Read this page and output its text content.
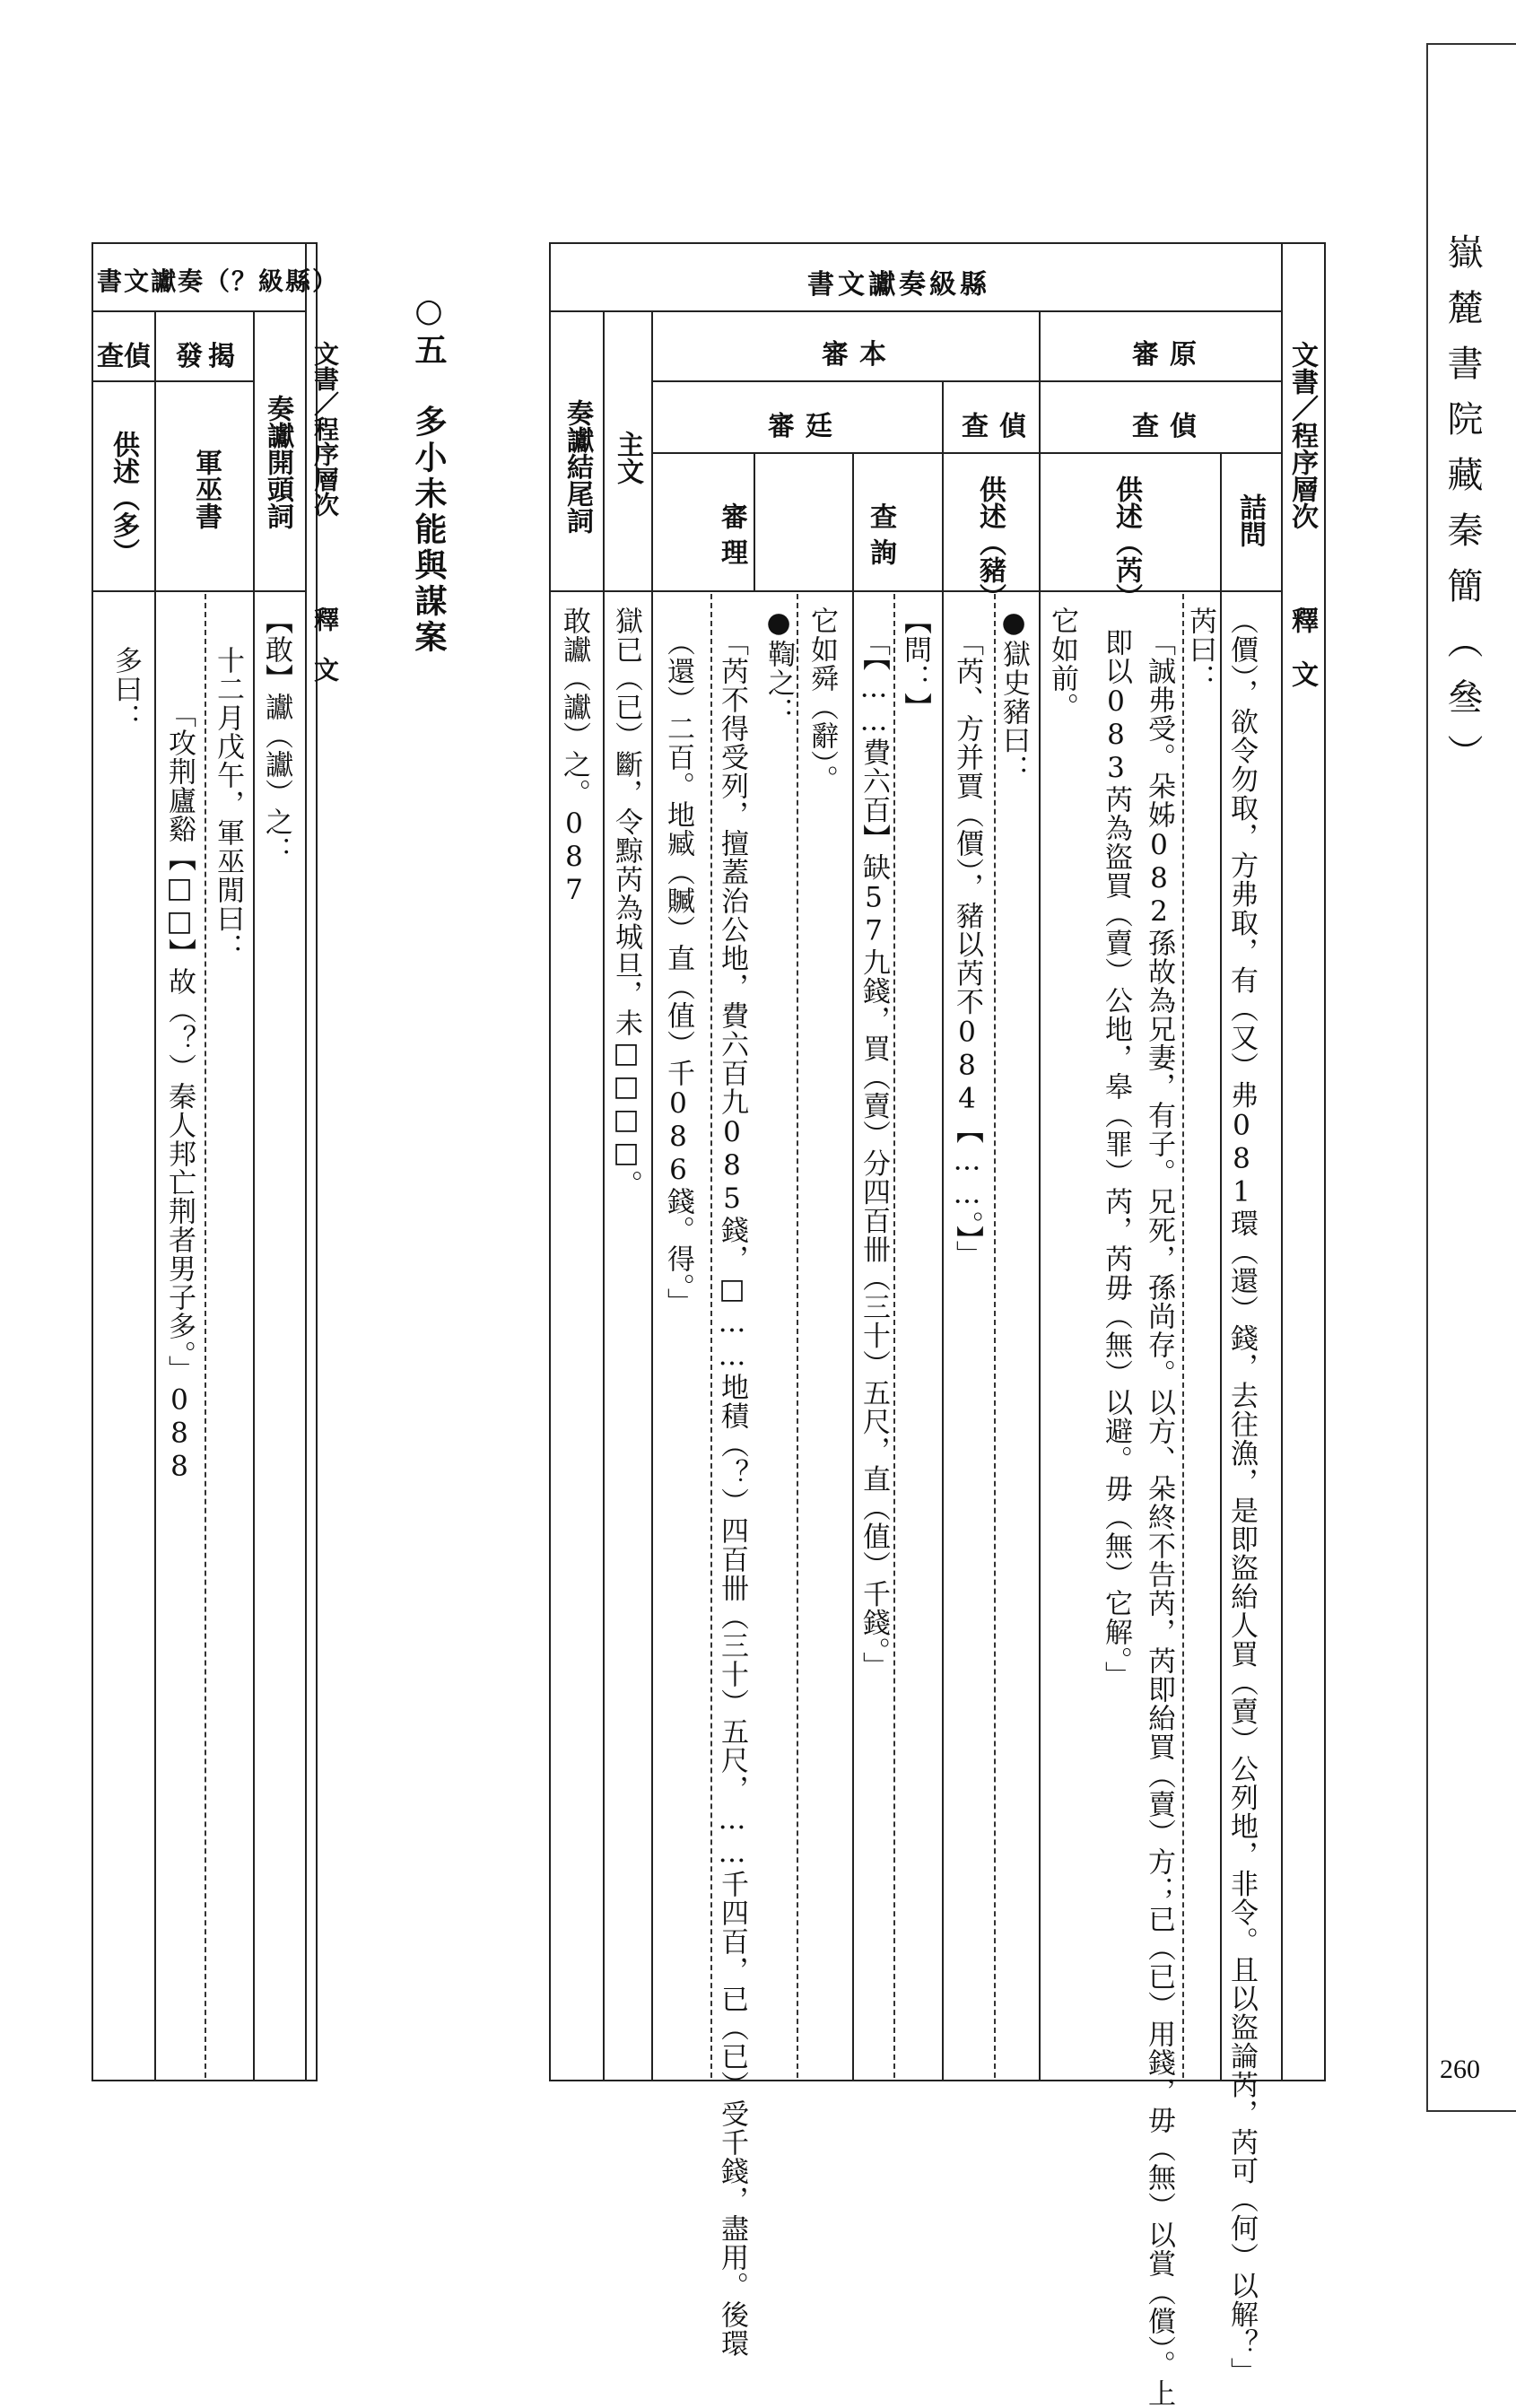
嶽麓書院藏秦簡（叄）
260
書文讞奏級縣
文書／程序層次
釋　文
審原
審本
查偵
查偵
審廷
詰問
供述（芮）
供述（豬）
查詢
審理
主文
奏讞結尾詞
（價），欲令勿取，方弗取，有（又）弗081環（還）錢，去往漁，是即盜紿人買（賣）公列地，非令。且以盜論芮，芮可（何）以解？」
芮曰：
「誠弗受。朵姊082孫故為兄妻，有子。兄死，孫尚存。以方、朵終不告芮，芮即紿買（賣）方；已（已）用錢，毋（無）以賞（償）。上
即以083芮為盜買（賣）公地，皋（罪）芮，芮毋（無）以避。毋（無）它解。」
它如前。
●獄史豬曰：
「芮、方并賈（價），豬以芮不084【……。】」
【問：】
「【……費六百】缺57九錢，買（賣）分四百卌（三十）五尺，直（值）千錢。」
它如舜（辭）。
●鞫之：
「芮不得受列，擅蓋治公地，費六百九085錢，□……地積（？）四百卌（三十）五尺，……千四百，已（已）受千錢，盡用。後環
（還）二百。地臧（贓）直（值）千086錢。得。」
獄已（已）斷，令黥芮為城旦，未□□□□。
敢讞（讞）之。087
○五　多小未能與謀案
書文讞奏（？級縣）
文書／程序層次
釋　文
發揭
查偵
奏讞開頭詞
軍巫書
供述（多）
【敢】讞（讞）之：
十二月戊午，軍巫閒曰：
「攻荆廬谿【□□】故（？）秦人邦亡荆者男子多。」088
多曰：
